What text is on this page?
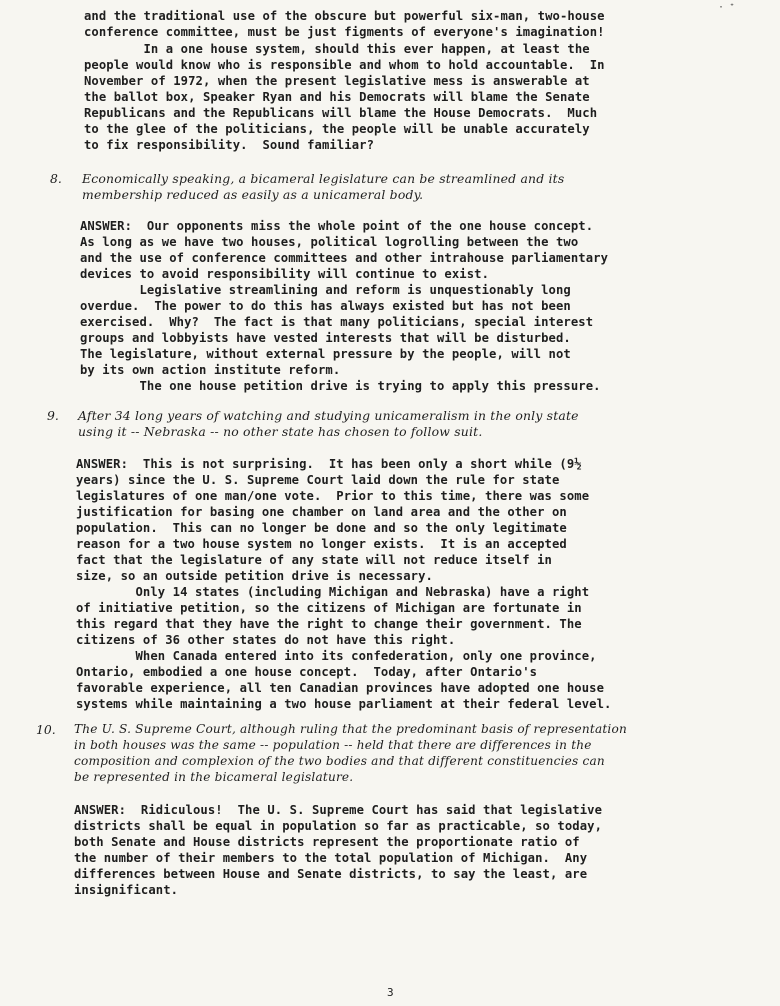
· ᐩ
and the traditional use of the obscure but powerful six-man, two-house
conference committee, must be just figments of everyone's imagination!
In a one house system, should this ever happen, at least the
people would know who is responsible and whom to hold accountable.  In
November of 1972, when the present legislative mess is answerable at
the ballot box, Speaker Ryan and his Democrats will blame the Senate
Republicans and the Republicans will blame the House Democrats.  Much
to the glee of the politicians, the people will be unable accurately
to fix responsibility.  Sound familiar?
8. Economically speaking, a bicameral legislature can be streamlined and its
membership reduced as easily as a unicameral body.
ANSWER:  Our opponents miss the whole point of the one house concept.
As long as we have two houses, political logrolling between the two
and the use of conference committees and other intrahouse parliamentary
devices to avoid responsibility will continue to exist.
Legislative streamlining and reform is unquestionably long
overdue.  The power to do this has always existed but has not been
exercised.  Why?  The fact is that many politicians, special interest
groups and lobbyists have vested interests that will be disturbed.
The legislature, without external pressure by the people, will not
by its own action institute reform.
The one house petition drive is trying to apply this pressure.
9. After 34 long years of watching and studying unicameralism in the only state
using it -- Nebraska -- no other state has chosen to follow suit.
ANSWER:  This is not surprising.  It has been only a short while (9½
years) since the U. S. Supreme Court laid down the rule for state
legislatures of one man/one vote.  Prior to this time, there was some
justification for basing one chamber on land area and the other on
population.  This can no longer be done and so the only legitimate
reason for a two house system no longer exists.  It is an accepted
fact that the legislature of any state will not reduce itself in
size, so an outside petition drive is necessary.
Only 14 states (including Michigan and Nebraska) have a right
of initiative petition, so the citizens of Michigan are fortunate in
this regard that they have the right to change their government. The
citizens of 36 other states do not have this right.
When Canada entered into its confederation, only one province,
Ontario, embodied a one house concept.  Today, after Ontario's
favorable experience, all ten Canadian provinces have adopted one house
systems while maintaining a two house parliament at their federal level.
10. The U. S. Supreme Court, although ruling that the predominant basis of representation
in both houses was the same -- population -- held that there are differences in the
composition and complexion of the two bodies and that different constituencies can
be represented in the bicameral legislature.
ANSWER:  Ridiculous!  The U. S. Supreme Court has said that legislative
districts shall be equal in population so far as practicable, so today,
both Senate and House districts represent the proportionate ratio of
the number of their members to the total population of Michigan.  Any
differences between House and Senate districts, to say the least, are
insignificant.
3
